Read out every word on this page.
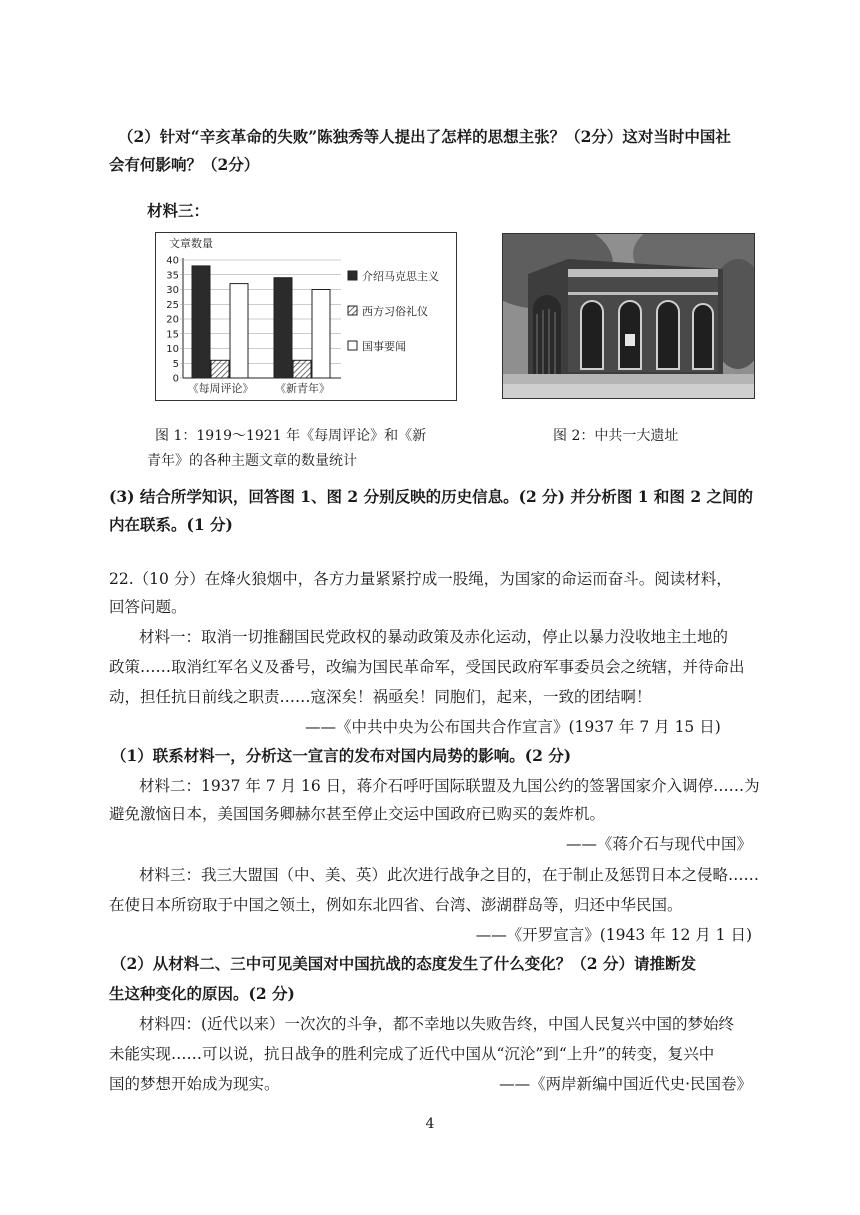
（2）针对“辛亥革命的失败”陈独秀等人提出了怎样的思想主张？（2分）这对当时中国社
会有何影响？（2分）
材料三：
文章数量
0
5
10
15
20
25
30
35
40
《每周评论》 《新青年》
介绍马克思主义
西方习俗礼仪
国事要闻
图 1：1919～1921 年《每周评论》和《新
青年》的各种主题文章的数量统计
图 2：中共一大遗址
(3) 结合所学知识，回答图 1、图 2 分别反映的历史信息。(2 分) 并分析图 1 和图 2 之间的
内在联系。(1 分)
22.（10 分）在烽火狼烟中，各方力量紧紧拧成一股绳，为国家的命运而奋斗。阅读材料，
回答问题。
材料一：取消一切推翻国民党政权的暴动政策及赤化运动，停止以暴力没收地主土地的
政策……取消红军名义及番号，改编为国民革命军，受国民政府军事委员会之统辖，并待命出
动，担任抗日前线之职责……寇深矣！祸亟矣！同胞们，起来，一致的团结啊！
——《中共中央为公布国共合作宣言》(1937 年 7 月 15 日)
（1）联系材料一，分析这一宣言的发布对国内局势的影响。(2 分)
材料二：1937 年 7 月 16 日，蒋介石呼吁国际联盟及九国公约的签署国家介入调停……为
避免激恼日本，美国国务卿赫尔甚至停止交运中国政府已购买的轰炸机。
——《蒋介石与现代中国》
材料三：我三大盟国（中、美、英）此次进行战争之目的，在于制止及惩罚日本之侵略……
在使日本所窃取于中国之领土，例如东北四省、台湾、澎湖群岛等，归还中华民国。
——《开罗宣言》(1943 年 12 月 1 日)
（2）从材料二、三中可见美国对中国抗战的态度发生了什么变化？（2 分）请推断发
生这种变化的原因。(2 分)
材料四：(近代以来）一次次的斗争，都不幸地以失败告终，中国人民复兴中国的梦始终
未能实现……可以说，抗日战争的胜利完成了近代中国从“沉沦”到“上升”的转变，复兴中
国的梦想开始成为现实。	——《两岸新编中国近代史·民国卷》
4
